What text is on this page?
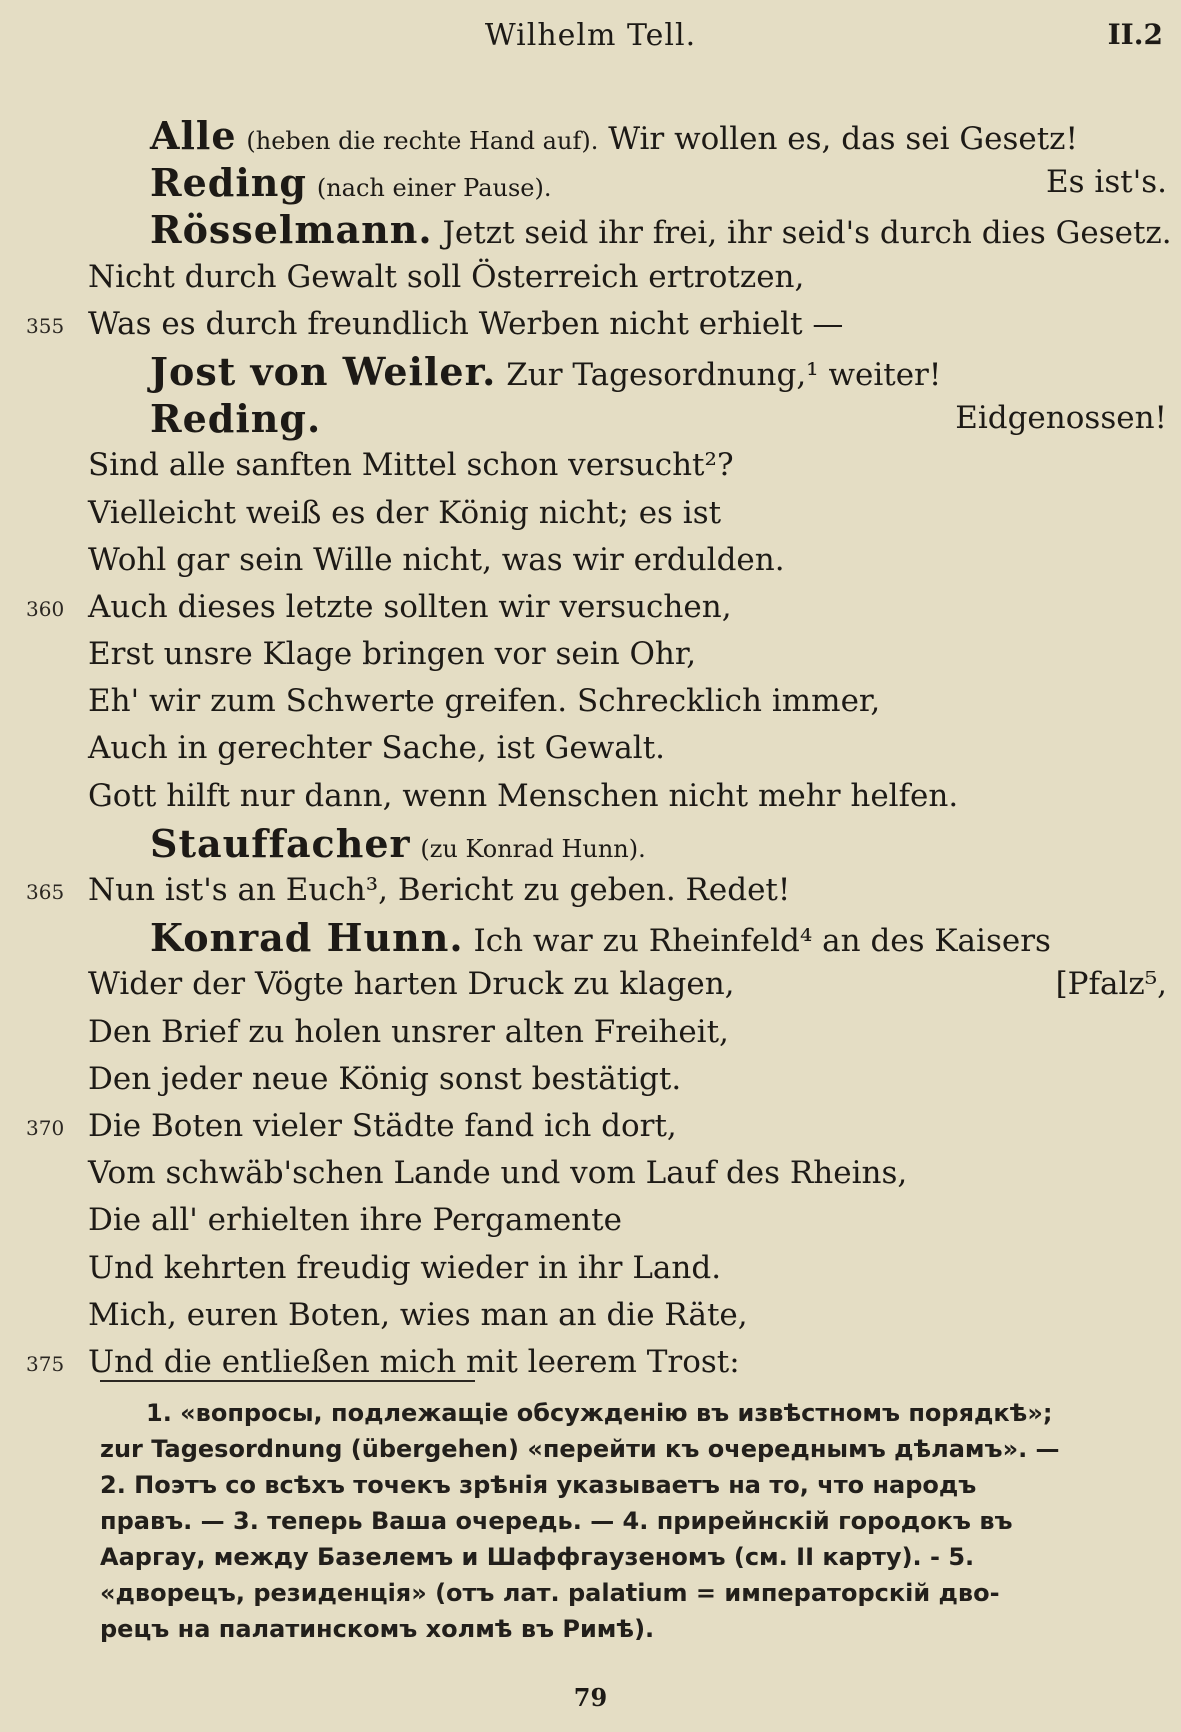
Wilhelm Tell.	II.2
Alle (heben die rechte Hand auf). Wir wollen es, das sei Gesetz!
Reding (nach einer Pause).	Es ist's.
Rösselmann. Jetzt seid ihr frei, ihr seid's durch dies Gesetz.
Nicht durch Gewalt soll Österreich ertrotzen,
355 Was es durch freundlich Werben nicht erhielt —
Jost von Weiler. Zur Tagesordnung,¹ weiter!
Reding.	Eidgenossen!
Sind alle sanften Mittel schon versucht²?
Vielleicht weiß es der König nicht; es ist
Wohl gar sein Wille nicht, was wir erdulden.
360 Auch dieses letzte sollten wir versuchen,
Erst unsre Klage bringen vor sein Ohr,
Eh' wir zum Schwerte greifen. Schrecklich immer,
Auch in gerechter Sache, ist Gewalt.
Gott hilft nur dann, wenn Menschen nicht mehr helfen.
Stauffacher (zu Konrad Hunn).
365 Nun ist's an Euch³, Bericht zu geben. Redet!
Konrad Hunn. Ich war zu Rheinfeld⁴ an des Kaisers
Wider der Vögte harten Druck zu klagen,	[Pfalz⁵,
Den Brief zu holen unsrer alten Freiheit,
Den jeder neue König sonst bestätigt.
370 Die Boten vieler Städte fand ich dort,
Vom schwäb'schen Lande und vom Lauf des Rheins,
Die all' erhielten ihre Pergamente
Und kehrten freudig wieder in ihr Land.
Mich, euren Boten, wies man an die Räte,
375 Und die entließen mich mit leerem Trost:

1. «вопросы, подлежащіе обсужденію въ извѣстномъ порядкѣ»;

zur Tagesordnung (übergehen) «перейти къ очереднымъ дѣламъ». —

2. Поэтъ со всѣхъ точекъ зрѣнія указываетъ на то, что народъ

правъ. — 3. теперь Ваша очередь. — 4. прирейнскій городокъ въ

Ааргау, между Базелемъ и Шаффгаузеномъ (см. II карту). - 5.

«дворецъ, резиденція» (отъ лат. palatium = императорскій дво-

рецъ на палатинскомъ холмѣ въ Римѣ).

79
